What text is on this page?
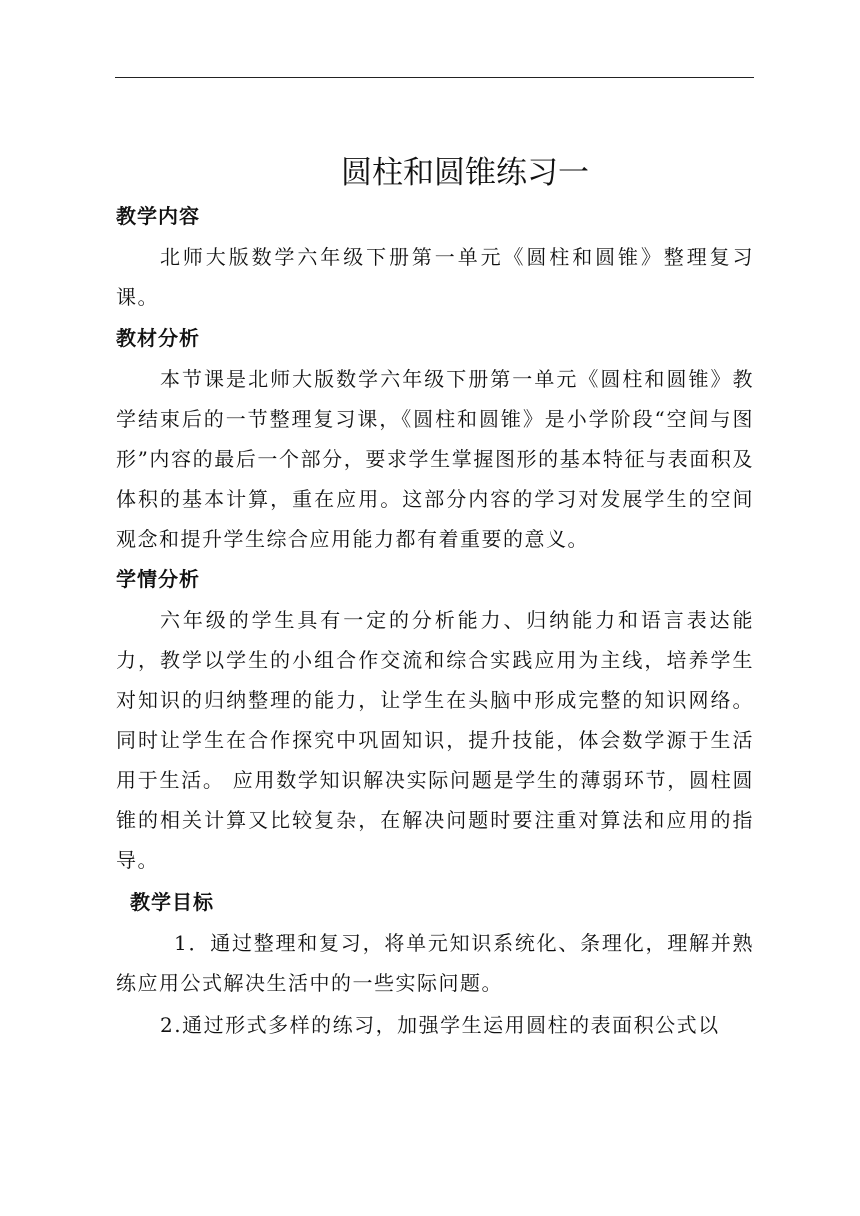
圆柱和圆锥练习一
教学内容

北师大版数学六年级下册第一单元《圆柱和圆锥》整理复习课。

教材分析

本节课是北师大版数学六年级下册第一单元《圆柱和圆锥》教学结束后的一节整理复习课，《圆柱和圆锥》是小学阶段“空间与图形”内容的最后一个部分，要求学生掌握图形的基本特征与表面积及体积的基本计算，重在应用。这部分内容的学习对发展学生的空间观念和提升学生综合应用能力都有着重要的意义。

学情分析

六年级的学生具有一定的分析能力、归纳能力和语言表达能力，教学以学生的小组合作交流和综合实践应用为主线，培养学生对知识的归纳整理的能力，让学生在头脑中形成完整的知识网络。同时让学生在合作探究中巩固知识，提升技能，体会数学源于生活用于生活。 应用数学知识解决实际问题是学生的薄弱环节，圆柱圆锥的相关计算又比较复杂，在解决问题时要注重对算法和应用的指导。

教学目标

1．通过整理和复习，将单元知识系统化、条理化，理解并熟练应用公式解决生活中的一些实际问题。

2.通过形式多样的练习，加强学生运用圆柱的表面积公式以
